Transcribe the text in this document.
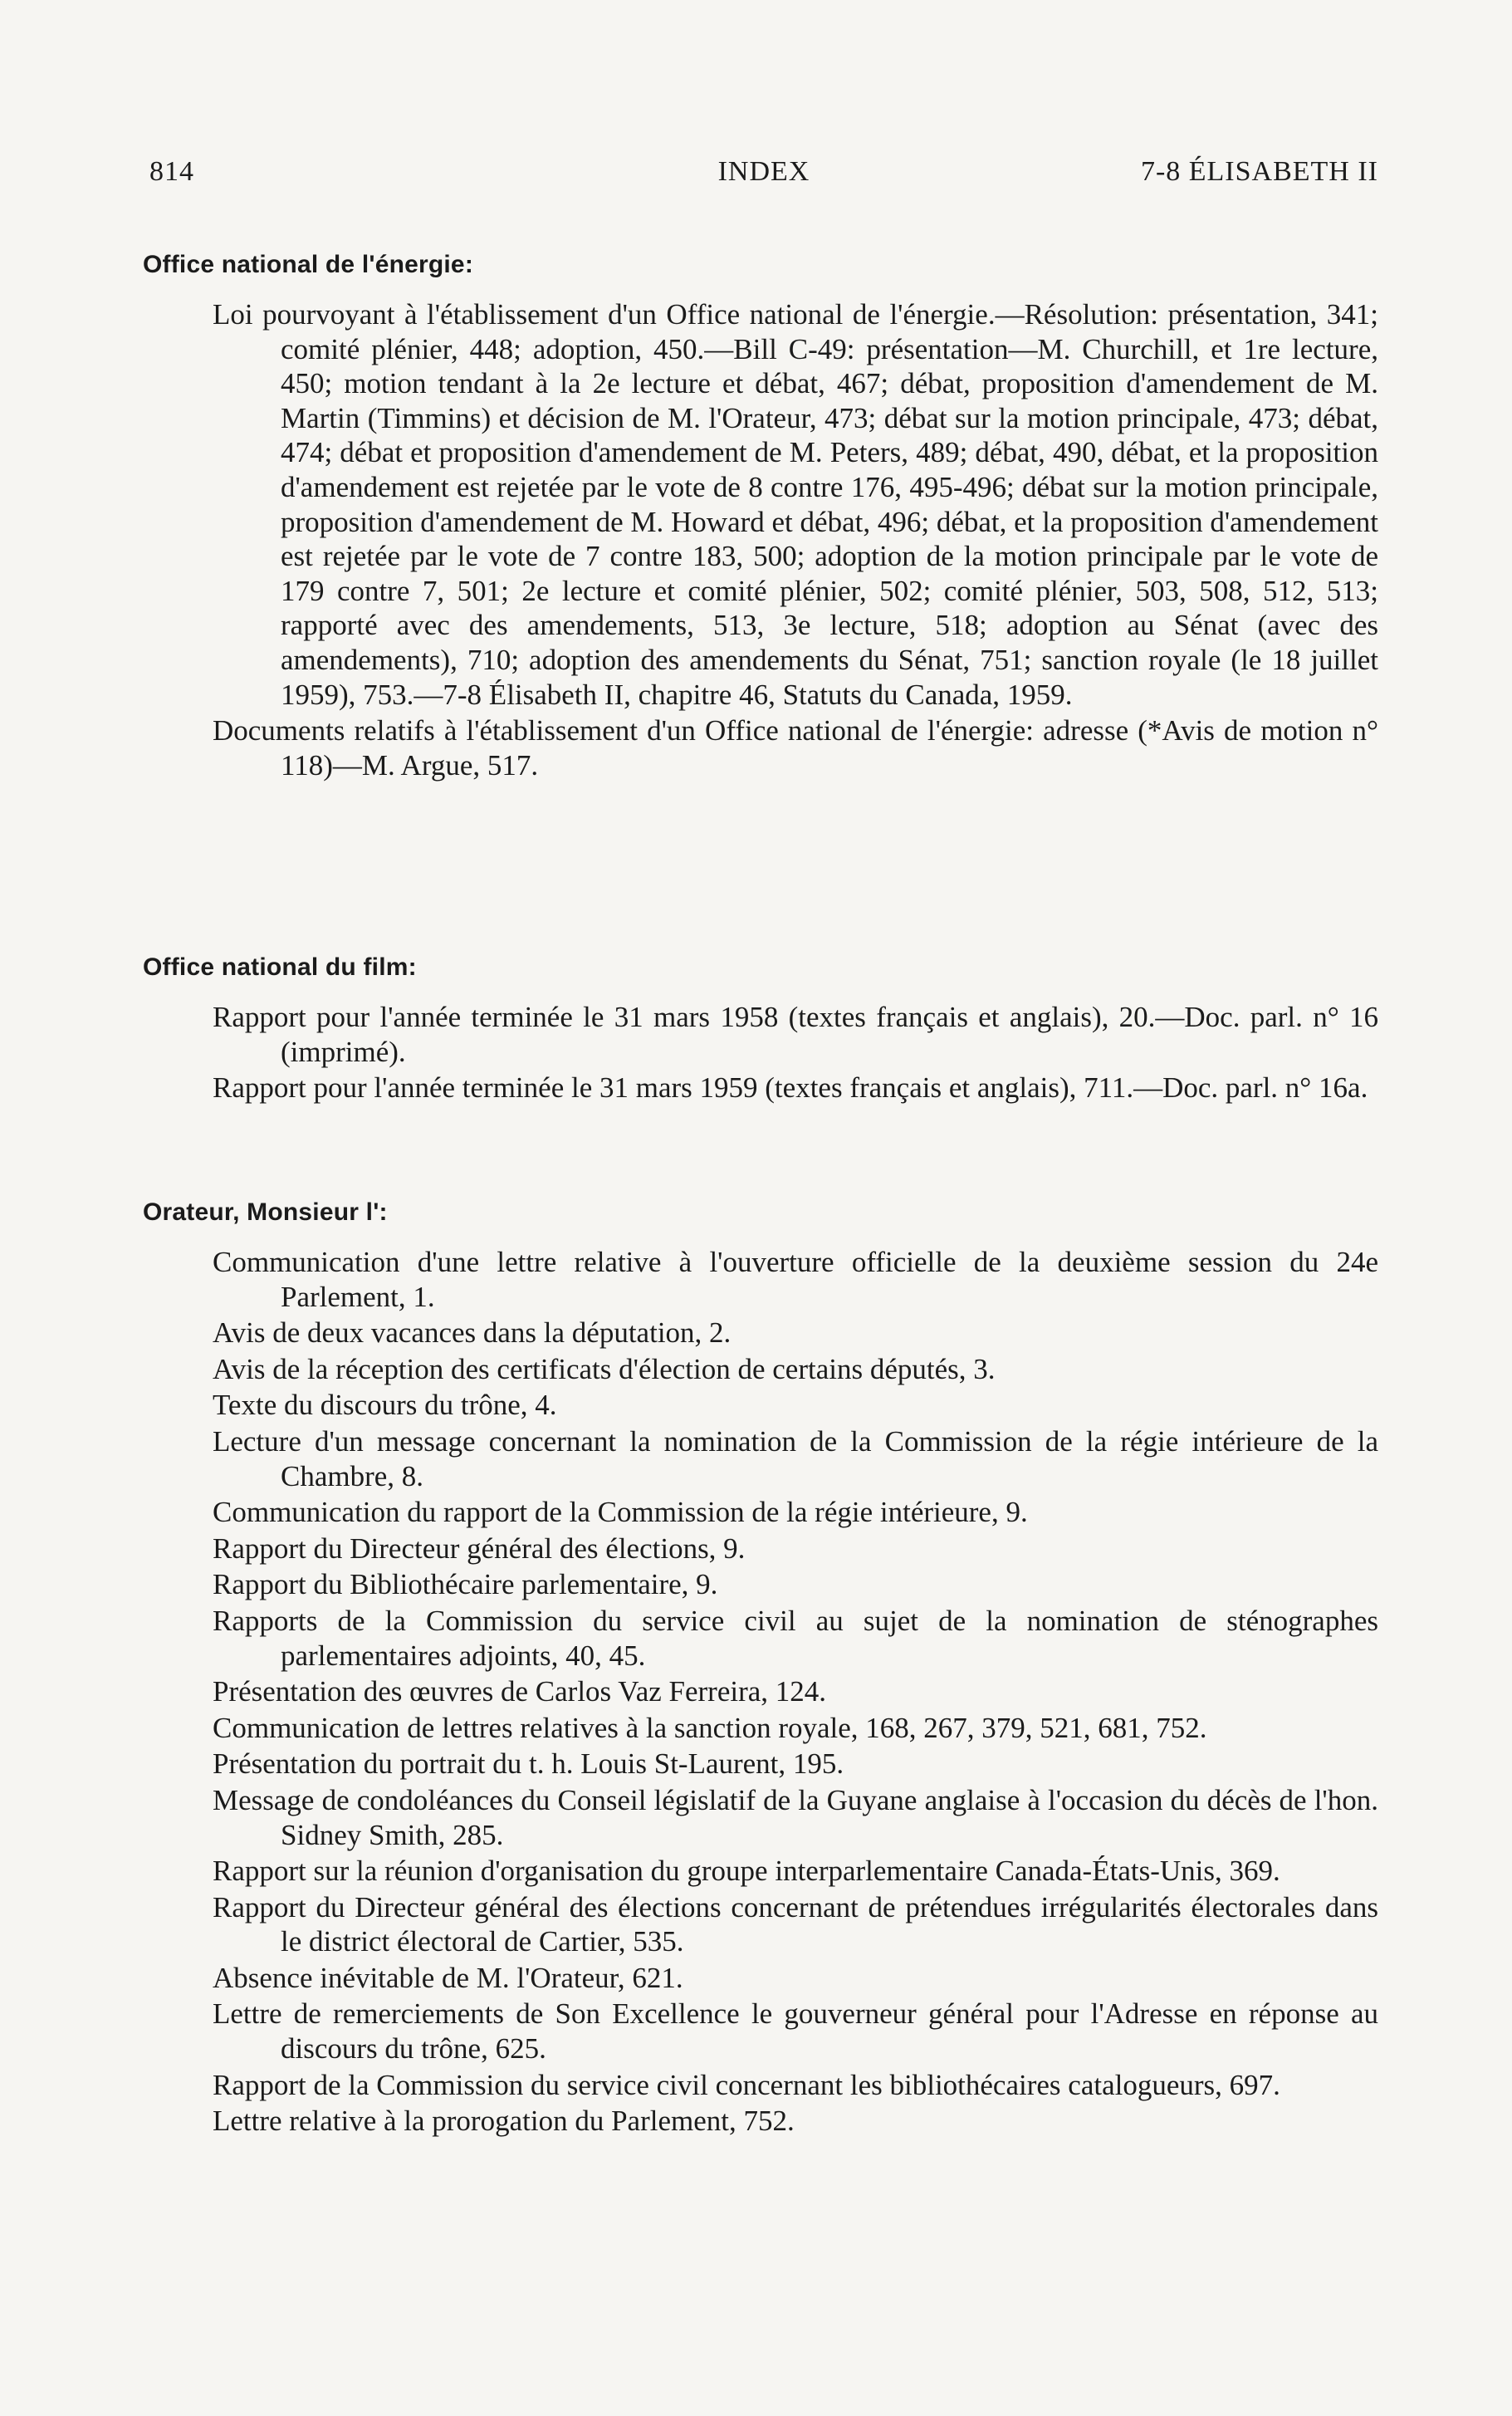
INDEX
814	7-8 ÉLISABETH II
Office national de l'énergie:
Loi pourvoyant à l'établissement d'un Office national de l'énergie.—Résolution: présentation, 341; comité plénier, 448; adoption, 450.—Bill C-49: présentation—M. Churchill, et 1re lecture, 450; motion tendant à la 2e lecture et débat, 467; débat, proposition d'amendement de M. Martin (Timmins) et décision de M. l'Orateur, 473; débat sur la motion principale, 473; débat, 474; débat et proposition d'amendement de M. Peters, 489; débat, 490, débat, et la proposition d'amendement est rejetée par le vote de 8 contre 176, 495-496; débat sur la motion principale, proposition d'amendement de M. Howard et débat, 496; débat, et la proposition d'amendement est rejetée par le vote de 7 contre 183, 500; adoption de la motion principale par le vote de 179 contre 7, 501; 2e lecture et comité plénier, 502; comité plénier, 503, 508, 512, 513; rapporté avec des amendements, 513, 3e lecture, 518; adoption au Sénat (avec des amendements), 710; adoption des amendements du Sénat, 751; sanction royale (le 18 juillet 1959), 753.—7-8 Élisabeth II, chapitre 46, Statuts du Canada, 1959.
Documents relatifs à l'établissement d'un Office national de l'énergie: adresse (*Avis de motion n° 118)—M. Argue, 517.
Office national du film:
Rapport pour l'année terminée le 31 mars 1958 (textes français et anglais), 20.—Doc. parl. n° 16 (imprimé).
Rapport pour l'année terminée le 31 mars 1959 (textes français et anglais), 711.—Doc. parl. n° 16a.
Orateur, Monsieur l':
Communication d'une lettre relative à l'ouverture officielle de la deuxième session du 24e Parlement, 1.
Avis de deux vacances dans la députation, 2.
Avis de la réception des certificats d'élection de certains députés, 3.
Texte du discours du trône, 4.
Lecture d'un message concernant la nomination de la Commission de la régie intérieure de la Chambre, 8.
Communication du rapport de la Commission de la régie intérieure, 9.
Rapport du Directeur général des élections, 9.
Rapport du Bibliothécaire parlementaire, 9.
Rapports de la Commission du service civil au sujet de la nomination de sténographes parlementaires adjoints, 40, 45.
Présentation des œuvres de Carlos Vaz Ferreira, 124.
Communication de lettres relatives à la sanction royale, 168, 267, 379, 521, 681, 752.
Présentation du portrait du t. h. Louis St-Laurent, 195.
Message de condoléances du Conseil législatif de la Guyane anglaise à l'occasion du décès de l'hon. Sidney Smith, 285.
Rapport sur la réunion d'organisation du groupe interparlementaire Canada-États-Unis, 369.
Rapport du Directeur général des élections concernant de prétendues irrégularités électorales dans le district électoral de Cartier, 535.
Absence inévitable de M. l'Orateur, 621.
Lettre de remerciements de Son Excellence le gouverneur général pour l'Adresse en réponse au discours du trône, 625.
Rapport de la Commission du service civil concernant les bibliothécaires catalogueurs, 697.
Lettre relative à la prorogation du Parlement, 752.
